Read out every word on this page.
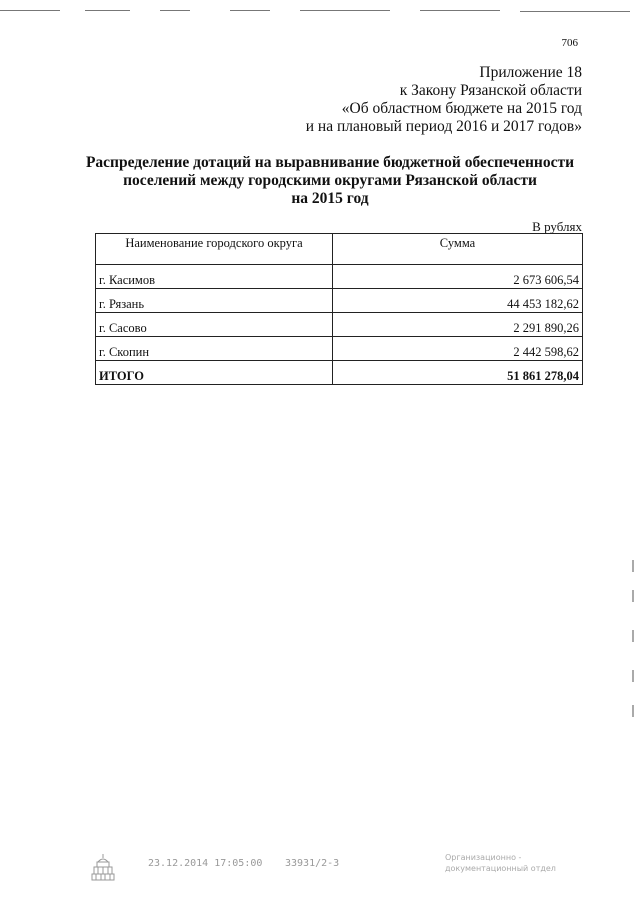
706
Приложение 18
к Закону Рязанской области
«Об областном бюджете на 2015 год
и на плановый период 2016 и 2017 годов»
Распределение дотаций на выравнивание бюджетной обеспеченности
поселений между городскими округами Рязанской области
на 2015 год
В рублях
Наименование городского округа	Сумма
г. Касимов	2 673 606,54
г. Рязань	44 453 182,62
г. Сасово	2 291 890,26
г. Скопин	2 442 598,62
ИТОГО	51 861 278,04
23.12.2014 17:05:00 33931/2-3
Организационно -
документационный отдел
